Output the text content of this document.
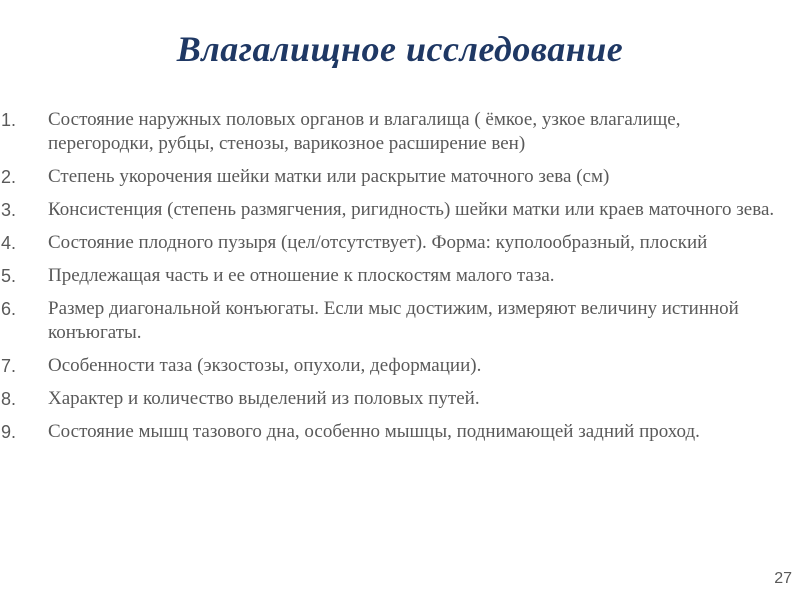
Влагалищное исследование
1. Состояние наружных половых органов и влагалища ( ёмкое, узкое влагалище, перегородки, рубцы, стенозы, варикозное расширение вен)
2. Степень укорочения шейки матки или раскрытие маточного зева (см)
3. Консистенция (степень размягчения, ригидность) шейки матки или краев маточного зева.
4. Состояние плодного пузыря (цел/отсутствует). Форма: куполообразный, плоский
5. Предлежащая часть и ее отношение к плоскостям малого таза.
6. Размер диагональной конъюгаты. Если мыс достижим, измеряют величину истинной конъюгаты.
7. Особенности таза (экзостозы, опухоли, деформации).
8. Характер и количество выделений из половых путей.
9. Состояние мышц тазового дна, особенно мышцы, поднимающей задний проход.
27
